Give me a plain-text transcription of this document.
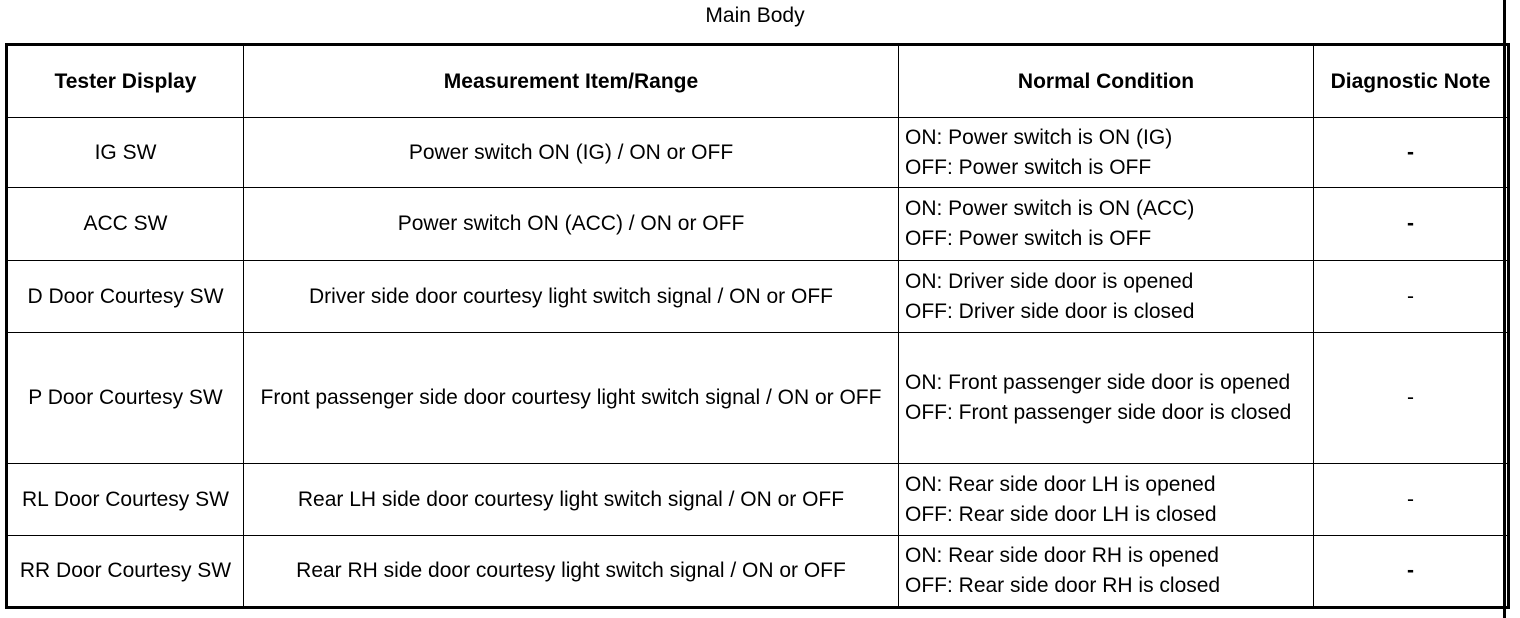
Main Body
Tester Display	Measurement Item/Range	Normal Condition	Diagnostic Note
IG SW	Power switch ON (IG) / ON or OFF	ON: Power switch is ON (IG)
OFF: Power switch is OFF	-
ACC SW	Power switch ON (ACC) / ON or OFF	ON: Power switch is ON (ACC)
OFF: Power switch is OFF	-
D Door Courtesy SW	Driver side door courtesy light switch signal / ON or OFF	ON: Driver side door is opened
OFF: Driver side door is closed	-
P Door Courtesy SW	Front passenger side door courtesy light switch signal / ON or OFF	ON: Front passenger side door is opened
OFF: Front passenger side door is closed	-
RL Door Courtesy SW	Rear LH side door courtesy light switch signal / ON or OFF	ON: Rear side door LH is opened
OFF: Rear side door LH is closed	-
RR Door Courtesy SW	Rear RH side door courtesy light switch signal / ON or OFF	ON: Rear side door RH is opened
OFF: Rear side door RH is closed	-
